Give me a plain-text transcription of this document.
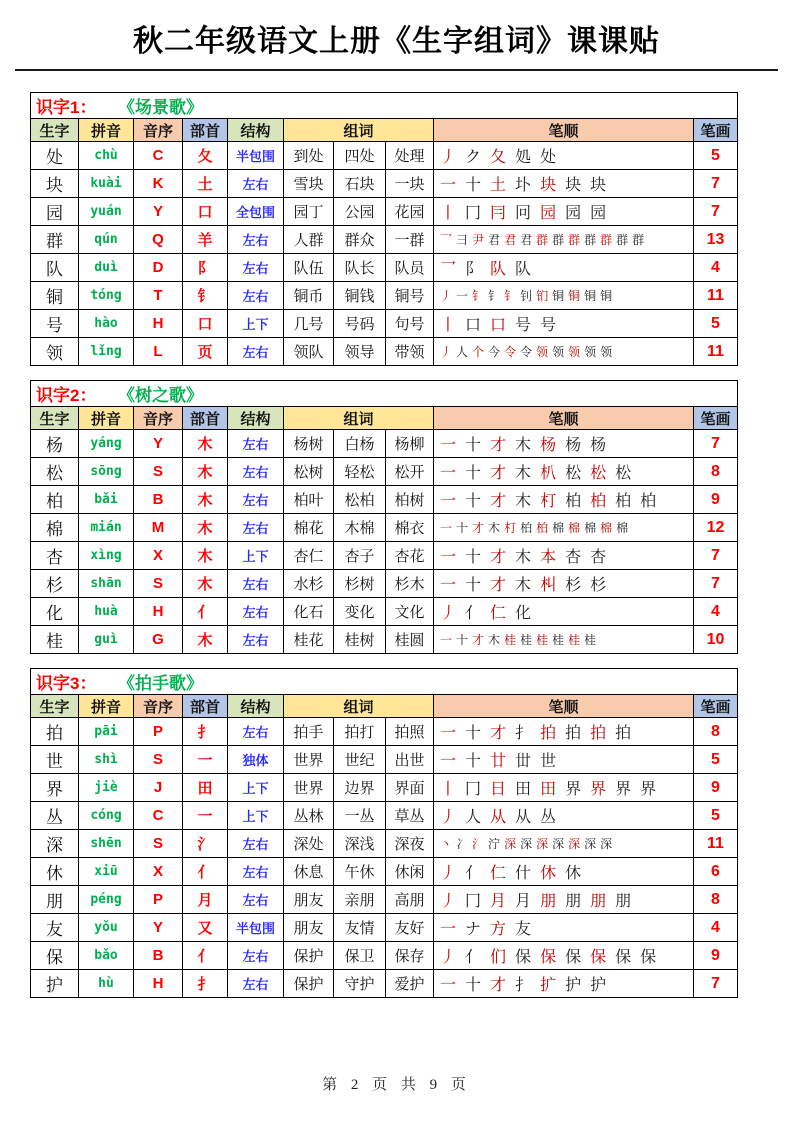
秋二年级语文上册《生字组词》课课贴
识字1： 《场景歌》									
生字	拼音	音序	部首	结构	组词			笔顺	笔画
处	chù	C	夂	半包围	到处	四处	处理	丿 ク 夂 処 处	5
块	kuài	K	土	左右	雪块	石块	一块	一 十 土 圤 块 块 块	7
园	yuán	Y	口	全包围	园丁	公园	花园	丨 冂 冃 冋 园 园 园	7
群	qún	Q	羊	左右	人群	群众	一群	乛 彐 尹 君 君 君 群 群 群 群 群 群 群	13
队	duì	D	阝	左右	队伍	队长	队员	乛 阝 队 队	4
铜	tóng	T	钅	左右	铜币	铜钱	铜号	丿 一 钅 钅 钅 钊 钔 铜 铜 铜 铜	11
号	hào	H	口	上下	几号	号码	句号	丨 口 口 号 号	5
领	lǐng	L	页	左右	领队	领导	带领	丿 人 个 今 令 令 领 领 领 领 领	11
识字2： 《树之歌》									
生字	拼音	音序	部首	结构	组词			笔顺	笔画
杨	yáng	Y	木	左右	杨树	白杨	杨柳	一 十 才 木 杨 杨 杨	7
松	sōng	S	木	左右	松树	轻松	松开	一 十 才 木 朳 松 松 松	8
柏	bǎi	B	木	左右	柏叶	松柏	柏树	一 十 才 木 朾 柏 柏 柏 柏	9
棉	mián	M	木	左右	棉花	木棉	棉衣	一 十 才 木 朾 柏 柏 棉 棉 棉 棉 棉	12
杏	xìng	X	木	上下	杏仁	杏子	杏花	一 十 才 木 本 杏 杏	7
杉	shān	S	木	左右	水杉	杉树	杉木	一 十 才 木 朻 杉 杉	7
化	huà	H	亻	左右	化石	变化	文化	丿 亻 仁 化	4
桂	guì	G	木	左右	桂花	桂树	桂圆	一 十 才 木 桂 桂 桂 桂 桂 桂	10
识字3： 《拍手歌》									
生字	拼音	音序	部首	结构	组词			笔顺	笔画
拍	pāi	P	扌	左右	拍手	拍打	拍照	一 十 才 扌 拍 拍 拍 拍	8
世	shì	S	一	独体	世界	世纪	出世	一 十 廿 丗 世	5
界	jiè	J	田	上下	世界	边界	界面	丨 冂 日 田 田 界 界 界 界	9
丛	cóng	C	一	上下	丛林	一丛	草丛	丿 人 从 从 丛	5
深	shēn	S	氵	左右	深处	深浅	深夜	丶 冫 氵 泞 深 深 深 深 深 深 深	11
休	xiū	X	亻	左右	休息	午休	休闲	丿 亻 仁 什 休 休	6
朋	péng	P	月	左右	朋友	亲朋	高朋	丿 冂 月 月 朋 朋 朋 朋	8
友	yǒu	Y	又	半包围	朋友	友情	友好	一 ナ 方 友	4
保	bǎo	B	亻	左右	保护	保卫	保存	丿 亻 们 保 保 保 保 保 保	9
护	hù	H	扌	左右	保护	守护	爱护	一 十 才 扌 扩 护 护	7
第 2 页 共 9 页
